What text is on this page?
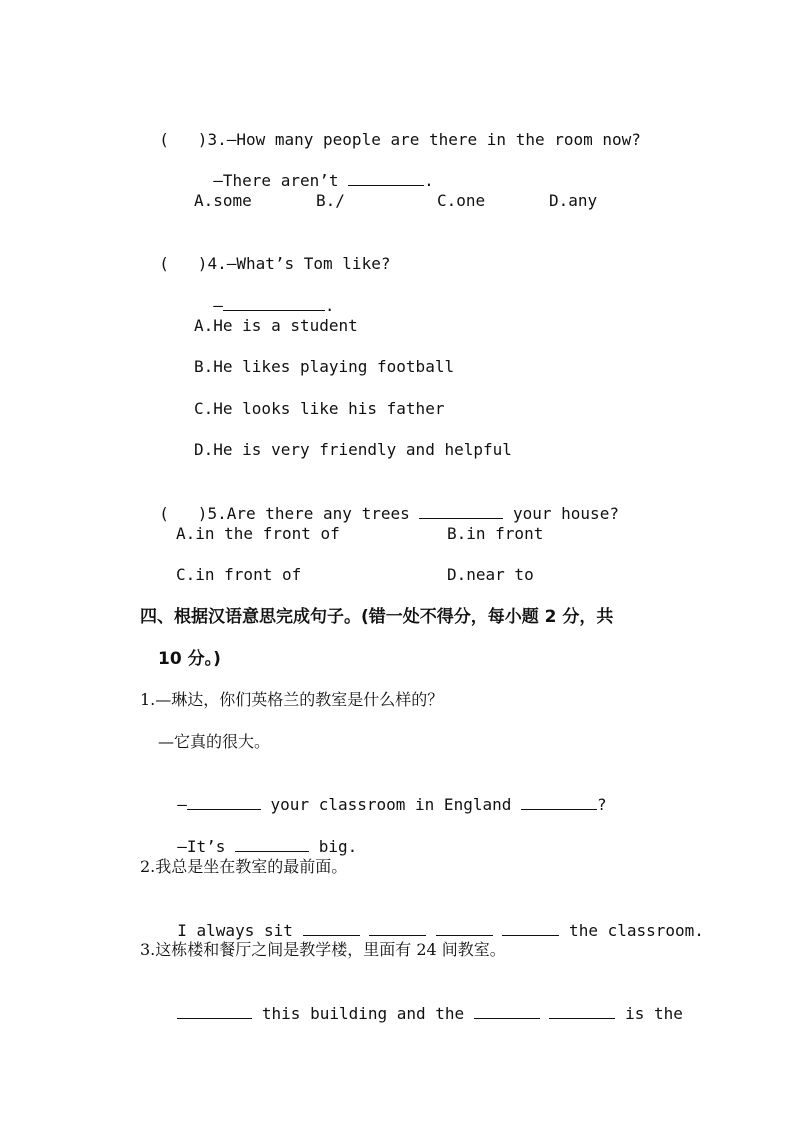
(   )3.—How many people are there in the room now?

—There aren’t	.

A.some	B./	C.one	D.any

(   )4.—What’s Tom like?

—	.

A.He is a student
B.He likes playing football
C.He looks like his father
D.He is very friendly and helpful

(   )5.Are there any trees	your house?

A.in the front of	B.in front
C.in front of	D.near to
四、根据汉语意思完成句子。(错一处不得分，每小题 2 分，共
10 分。)
1.—琳达，你们英格兰的教室是什么样的？
—它真的很大。

—	your classroom in England	?

—It’s	big.

2.我总是坐在教室的最前面。

I always sit	the classroom.

3.这栋楼和餐厅之间是教学楼，里面有 24 间教室。

this building and the	is the
